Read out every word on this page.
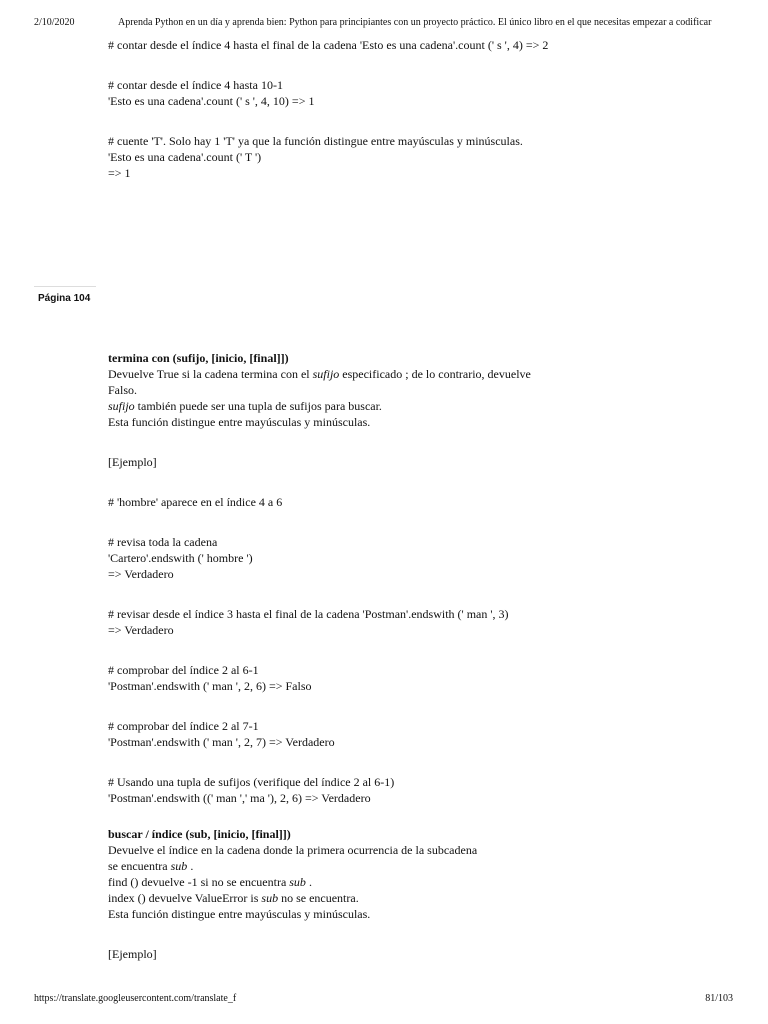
2/10/2020	Aprenda Python en un día y aprenda bien: Python para principiantes con un proyecto práctico. El único libro en el que necesitas empezar a codificar
# contar desde el índice 4 hasta el final de la cadena 'Esto es una cadena'.count (' s ', 4) => 2
# contar desde el índice 4 hasta 10-1
'Esto es una cadena'.count (' s ', 4, 10) => 1
# cuente 'T'. Solo hay 1 'T' ya que la función distingue entre mayúsculas y minúsculas.
'Esto es una cadena'.count (' T ')
=> 1
Página 104
termina con (sufijo, [inicio, [final]])
Devuelve True si la cadena termina con el sufijo especificado ; de lo contrario, devuelve
Falso.
sufijo también puede ser una tupla de sufijos para buscar.
Esta función distingue entre mayúsculas y minúsculas.
[Ejemplo]
# 'hombre' aparece en el índice 4 a 6
# revisa toda la cadena
'Cartero'.endswith (' hombre ')
=> Verdadero
# revisar desde el índice 3 hasta el final de la cadena 'Postman'.endswith (' man ', 3)
=> Verdadero
# comprobar del índice 2 al 6-1
'Postman'.endswith (' man ', 2, 6) => Falso
# comprobar del índice 2 al 7-1
'Postman'.endswith (' man ', 2, 7) => Verdadero
# Usando una tupla de sufijos (verifique del índice 2 al 6-1)
'Postman'.endswith ((' man ',' ma '), 2, 6) => Verdadero
buscar / índice (sub, [inicio, [final]])
Devuelve el índice en la cadena donde la primera ocurrencia de la subcadena
se encuentra sub .
find () devuelve -1 si no se encuentra sub .
index () devuelve ValueError is sub no se encuentra.
Esta función distingue entre mayúsculas y minúsculas.
[Ejemplo]
https://translate.googleusercontent.com/translate_f	81/103
